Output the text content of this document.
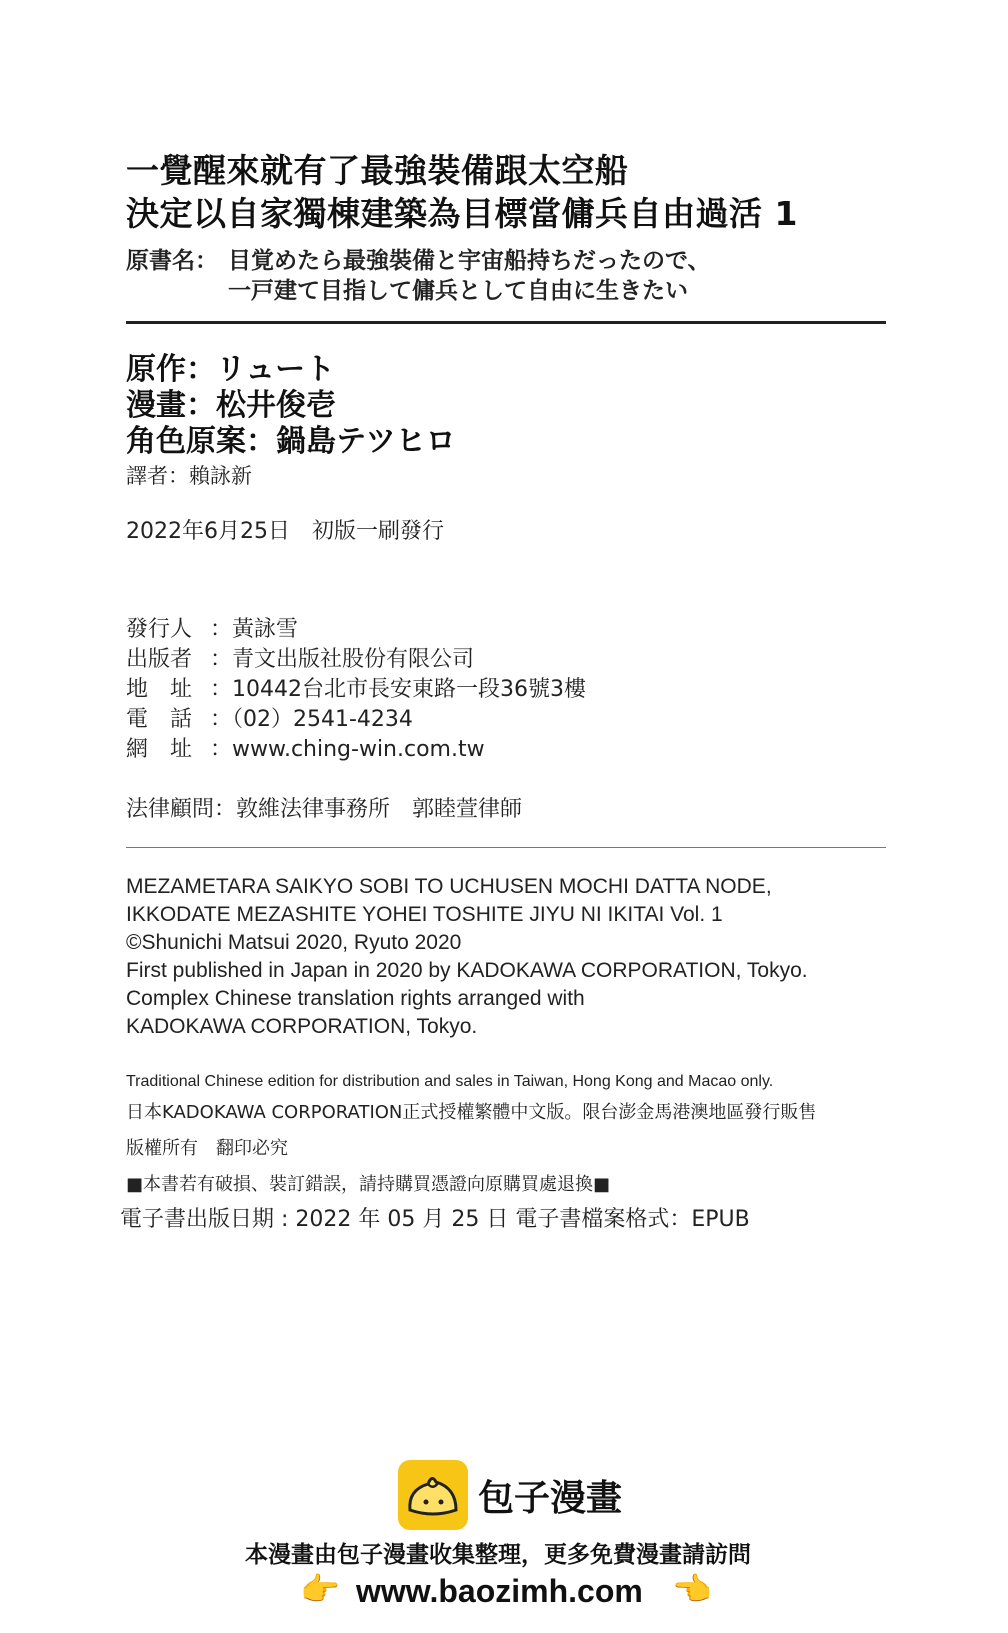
一覺醒來就有了最強裝備跟太空船
決定以自家獨棟建築為目標當傭兵自由過活 1
原書名： 目覚めたら最強裝備と宇宙船持ちだったので、
一戸建て目指して傭兵として自由に生きたい
原作：リュート
漫畫：松井俊壱
角色原案：鍋島テツヒロ
譯者：賴詠新
2022年6月25日　初版一刷發行
發行人 ：黃詠雪
出版者 ：青文出版社股份有限公司
地　址 ：10442台北市長安東路一段36號3樓
電　話 ：（02）2541-4234
網　址 ：www.ching-win.com.tw
法律顧問：敦維法律事務所　郭睦萱律師
MEZAMETARA SAIKYO SOBI TO UCHUSEN MOCHI DATTA NODE,
IKKODATE MEZASHITE YOHEI TOSHITE JIYU NI IKITAI Vol. 1
©Shunichi Matsui 2020, Ryuto 2020
First published in Japan in 2020 by KADOKAWA CORPORATION, Tokyo.
Complex Chinese translation rights arranged with
KADOKAWA CORPORATION, Tokyo.
Traditional Chinese edition for distribution and sales in Taiwan, Hong Kong and Macao only.
日本KADOKAWA CORPORATION正式授權繁體中文版。限台澎金馬港澳地區發行販售
版權所有　翻印必究
■本書若有破損、裝訂錯誤，請持購買憑證向原購買處退換■
電子書出版日期 : 2022 年 05 月 25 日 電子書檔案格式：EPUB
包子漫畫
本漫畫由包子漫畫收集整理，更多免費漫畫請訪問
👉 www.baozimh.com 👈
